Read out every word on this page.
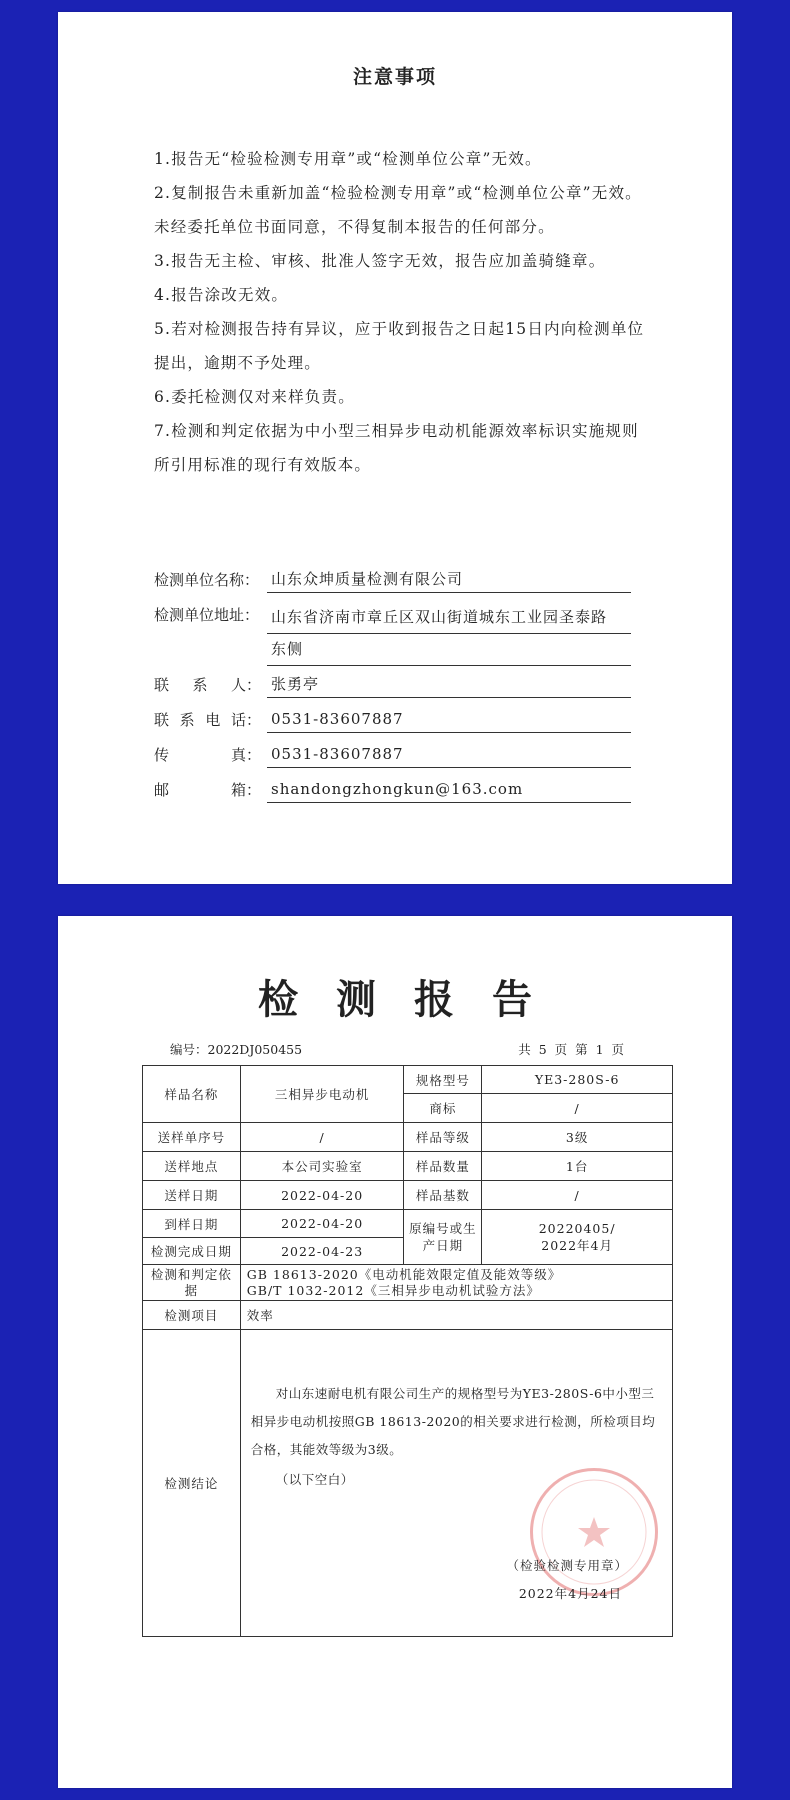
注意事项

1.报告无“检验检测专用章”或“检测单位公章”无效。

2.复制报告未重新加盖“检验检测专用章”或“检测单位公章”无效。未经委托单位书面同意，不得复制本报告的任何部分。

3.报告无主检、审核、批准人签字无效，报告应加盖骑缝章。

4.报告涂改无效。

5.若对检测报告持有异议，应于收到报告之日起15日内向检测单位提出，逾期不予处理。

6.委托检测仅对来样负责。

7.检测和判定依据为中小型三相异步电动机能源效率标识实施规则所引用标准的现行有效版本。

检测单位名称： 山东众坤质量检测有限公司
检测单位地址： 山东省济南市章丘区双山街道城东工业园圣泰路
东侧
联 系 人 ： 张勇亭
联 系 电 话 ： 0531-83607887
传	真 ： 0531-83607887
邮	箱 ： shandongzhongkun@163.com
检测报告
编号：2022DJ050455	共 5 页 第 1 页
样品名称	三相异步电动机	规格型号	YE3-280S-6
		商标	/
送样单序号	/	样品等级	3级
送样地点	本公司实验室	样品数量	1台
送样日期	2022-04-20	样品基数	/
到样日期	2022-04-20	原编号或生产日期	20220405/
2022年4月

检测完成日期	2022-04-23		
检测和判定依据	GB 18613-2020《电动机能效限定值及能效等级》
GB/T 1032-2012《三相异步电动机试验方法》		

检测项目	效率		
检测结论	对山东速耐电机有限公司生产的规格型号为YE3-280S-6中小型三相异步电动机按照GB 18613-2020的相关要求进行检测，所检项目均合格，其能效等级为3级。

（以下空白）

（检验检测专用章）
2022年4月24日		
